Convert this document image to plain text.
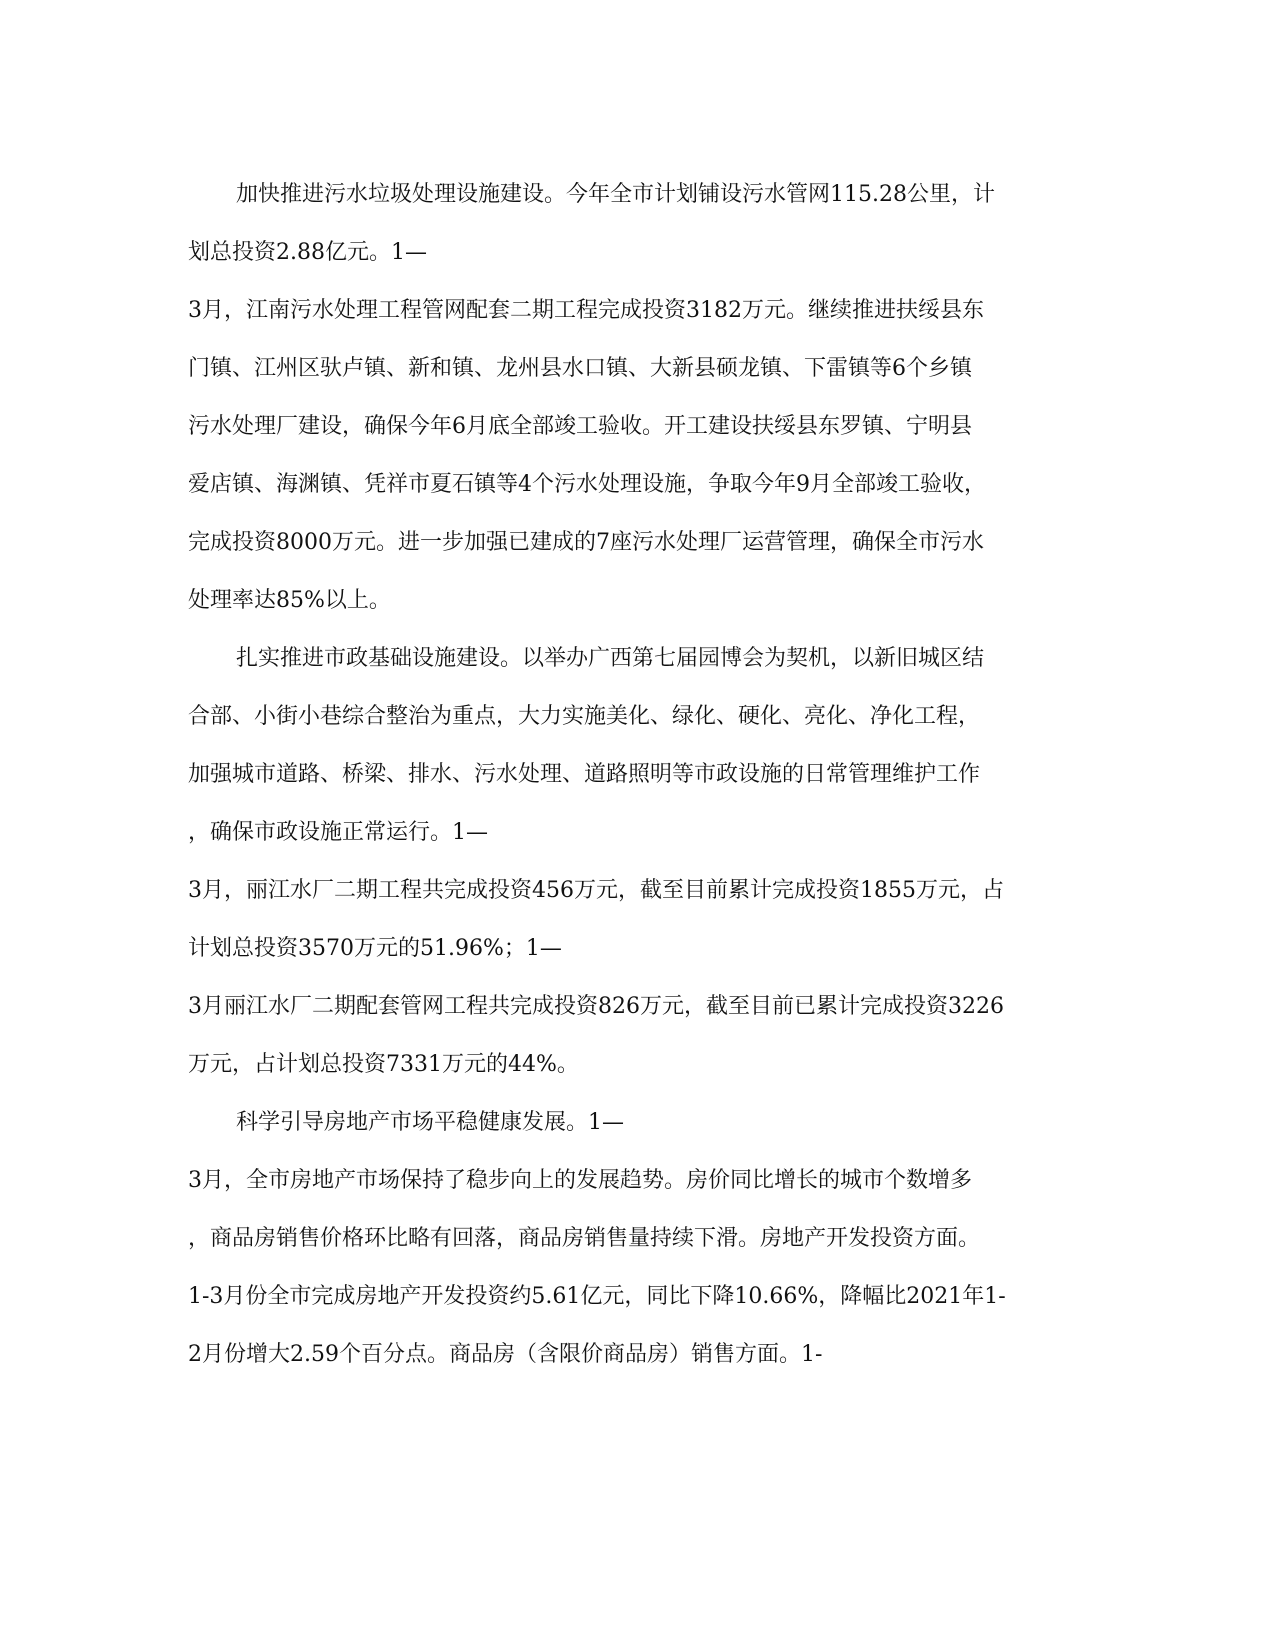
加快推进污水垃圾处理设施建设。今年全市计划铺设污水管网115.28公里，计
划总投资2.88亿元。1—
3月，江南污水处理工程管网配套二期工程完成投资3182万元。继续推进扶绥县东
门镇、江州区驮卢镇、新和镇、龙州县水口镇、大新县硕龙镇、下雷镇等6个乡镇
污水处理厂建设，确保今年6月底全部竣工验收。开工建设扶绥县东罗镇、宁明县
爱店镇、海渊镇、凭祥市夏石镇等4个污水处理设施，争取今年9月全部竣工验收，
完成投资8000万元。进一步加强已建成的7座污水处理厂运营管理，确保全市污水
处理率达85%以上。
扎实推进市政基础设施建设。以举办广西第七届园博会为契机，以新旧城区结
合部、小街小巷综合整治为重点，大力实施美化、绿化、硬化、亮化、净化工程，
加强城市道路、桥梁、排水、污水处理、道路照明等市政设施的日常管理维护工作
，确保市政设施正常运行。1—
3月，丽江水厂二期工程共完成投资456万元，截至目前累计完成投资1855万元，占
计划总投资3570万元的51.96%；1—
3月丽江水厂二期配套管网工程共完成投资826万元，截至目前已累计完成投资3226
万元，占计划总投资7331万元的44%。
科学引导房地产市场平稳健康发展。1—
3月，全市房地产市场保持了稳步向上的发展趋势。房价同比增长的城市个数增多
，商品房销售价格环比略有回落，商品房销售量持续下滑。房地产开发投资方面。
1-3月份全市完成房地产开发投资约5.61亿元，同比下降10.66%，降幅比2021年1-
2月份增大2.59个百分点。商品房（含限价商品房）销售方面。1-
